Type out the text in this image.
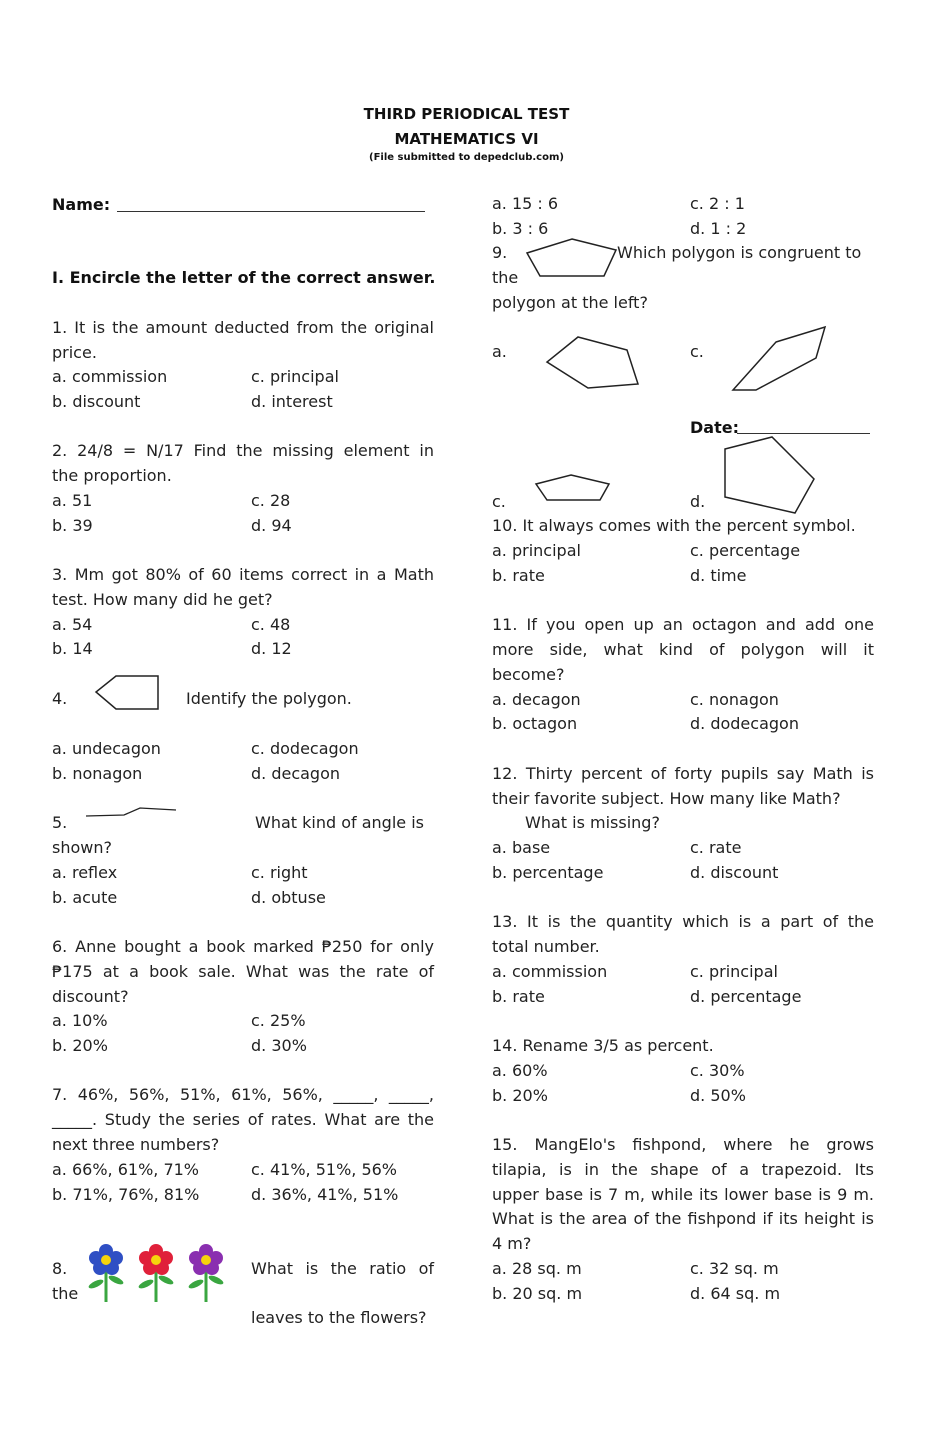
THIRD PERIODICAL TEST
MATHEMATICS VI
(File submitted to depedclub.com)
Name:
I. Encircle the letter of the correct answer.
1. It is the amount deducted from the original
price.
a. commission
b. discount
c. principal
d. interest
2. 24/8 = N/17 Find the missing element in
the proportion.
a. 51
b. 39
c. 28
d. 94
3. Mm got 80% of 60 items correct in a Math
test. How many did he get?
a. 54
b. 14
c. 48
d. 12
4.	Identify the polygon.
a. undecagon
b. nonagon
c. dodecagon
d. decagon
5.	What kind of angle is
shown?
a. reflex
b. acute
c. right
d. obtuse
6. Anne bought a book marked ₱250 for only
₱175 at a book sale. What was the rate of
discount?
a. 10%
b. 20%
c. 25%
d. 30%
7. 46%, 56%, 51%, 61%, 56%, _____, _____,
_____. Study the series of rates. What are the
next three numbers?
a. 66%, 61%, 71%
b. 71%, 76%, 81%
c. 41%, 51%, 56%
d. 36%, 41%, 51%
8.
the
What is the ratio of
leaves to the flowers?
a. 15 : 6
b. 3 : 6
c. 2 : 1
d. 1 : 2
9.	Which polygon is congruent to
the
polygon at the left?
a.	c.
Date:
c.	d.
10. It always comes with the percent symbol.
a. principal
b. rate
c. percentage
d. time
11. If you open up an octagon and add one
more side, what kind of polygon will it
become?
a. decagon
b. octagon
c. nonagon
d. dodecagon
12. Thirty percent of forty pupils say Math is
their favorite subject. How many like Math?
What is missing?
a. base
b. percentage
c. rate
d. discount
13. It is the quantity which is a part of the
total number.
a. commission
b. rate
c. principal
d. percentage
14. Rename 3/5 as percent.
a. 60%
b. 20%
c. 30%
d. 50%
15. MangElo's fishpond, where he grows
tilapia, is in the shape of a trapezoid. Its
upper base is 7 m, while its lower base is 9 m.
What is the area of the fishpond if its height is
4 m?
a. 28 sq. m
b. 20 sq. m
c. 32 sq. m
d. 64 sq. m
